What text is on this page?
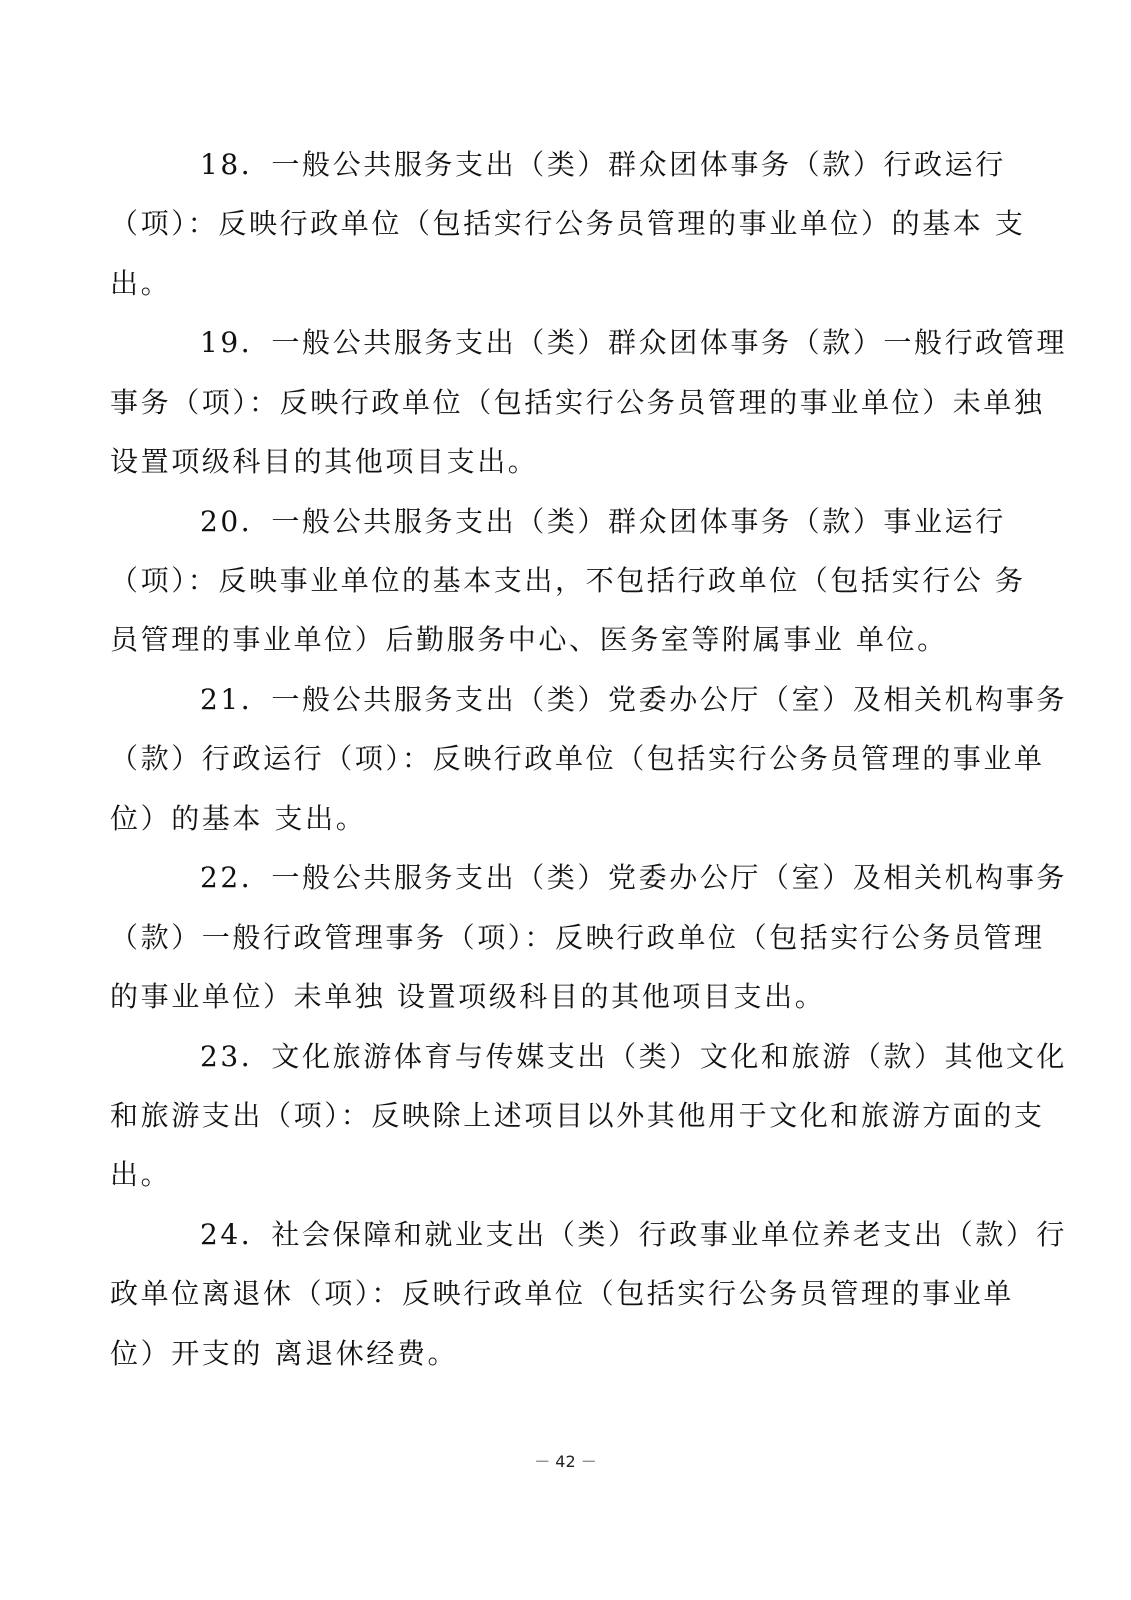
18．一般公共服务支出（类）群众团体事务（款）行政运行
（项）：反映行政单位（包括实行公务员管理的事业单位）的基本 支
出。
19．一般公共服务支出（类）群众团体事务（款）一般行政管理
事务（项）：反映行政单位（包括实行公务员管理的事业单位）未单独
设置项级科目的其他项目支出。
20．一般公共服务支出（类）群众团体事务（款）事业运行
（项）：反映事业单位的基本支出，不包括行政单位（包括实行公 务
员管理的事业单位）后勤服务中心、医务室等附属事业 单位。
21．一般公共服务支出（类）党委办公厅（室）及相关机构事务
（款）行政运行（项）：反映行政单位（包括实行公务员管理的事业单
位）的基本 支出。
22．一般公共服务支出（类）党委办公厅（室）及相关机构事务
（款）一般行政管理事务（项）：反映行政单位（包括实行公务员管理
的事业单位）未单独 设置项级科目的其他项目支出。
23．文化旅游体育与传媒支出（类）文化和旅游（款）其他文化
和旅游支出（项）：反映除上述项目以外其他用于文化和旅游方面的支
出。
24．社会保障和就业支出（类）行政事业单位养老支出（款）行
政单位离退休（项）：反映行政单位（包括实行公务员管理的事业单
位）开支的 离退休经费。
－ 42 －
